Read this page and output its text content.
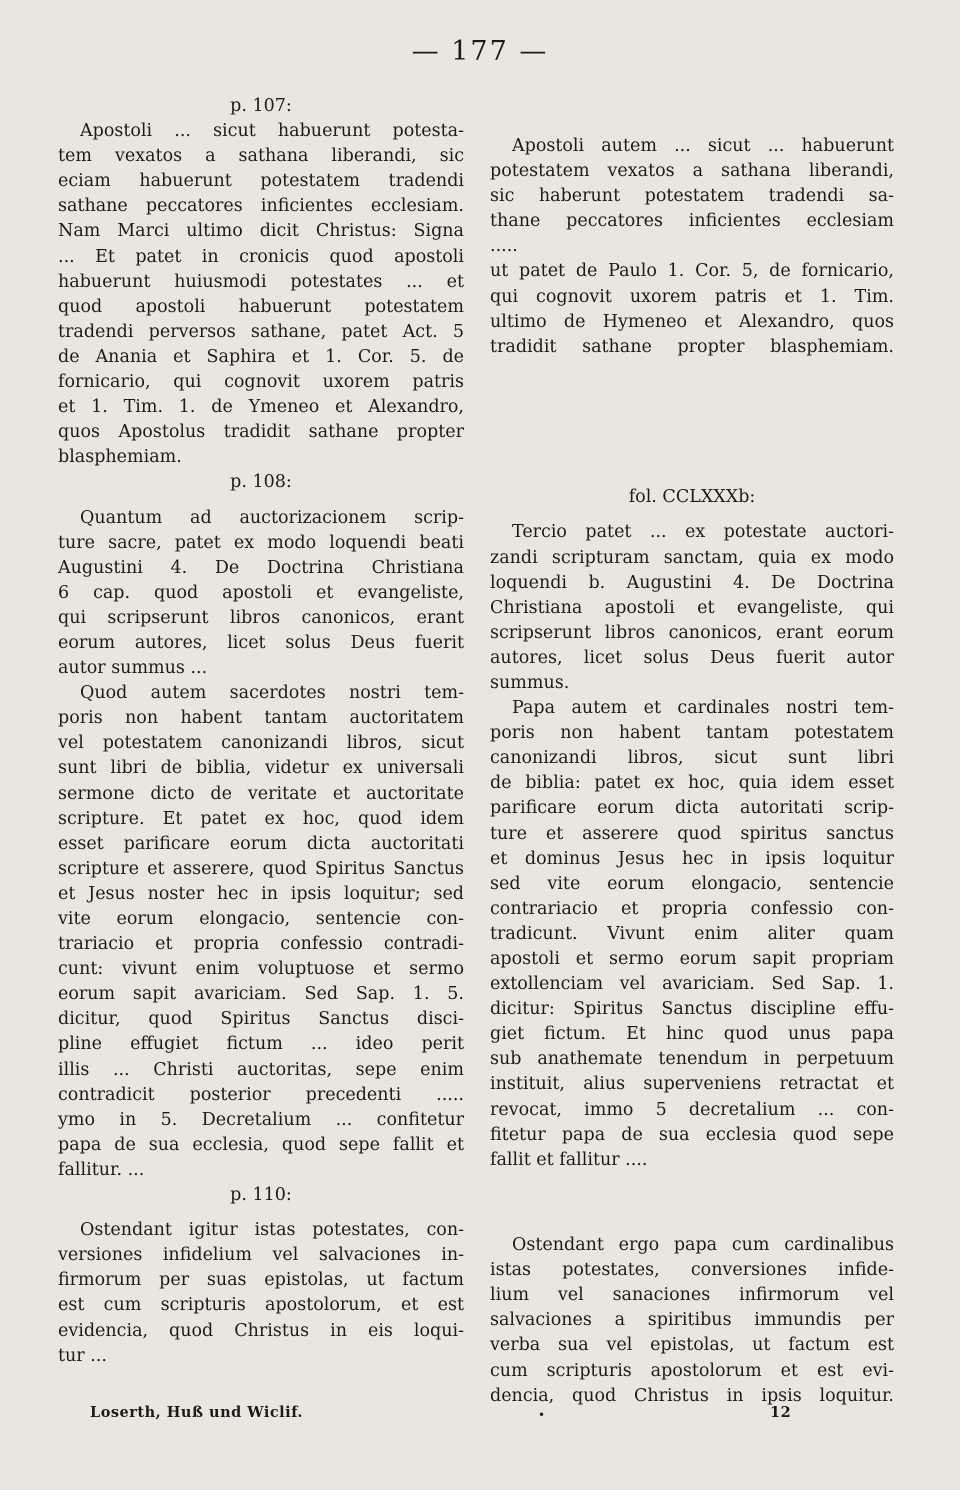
— 177 —
p. 107:
Apostoli ... sicut habuerunt potesta-
tem vexatos a sathana liberandi, sic
eciam habuerunt potestatem tradendi
sathane peccatores inficientes ecclesiam.
Nam Marci ultimo dicit Christus: Signa
... Et patet in cronicis quod apostoli
habuerunt huiusmodi potestates ... et
quod apostoli habuerunt potestatem
tradendi perversos sathane, patet Act. 5
de Anania et Saphira et 1. Cor. 5. de
fornicario, qui cognovit uxorem patris
et 1. Tim. 1. de Ymeneo et Alexandro,
quos Apostolus tradidit sathane propter
blasphemiam.
p. 108:
Quantum ad auctorizacionem scrip-
ture sacre, patet ex modo loquendi beati
Augustini 4. De Doctrina Christiana
6 cap. quod apostoli et evangeliste,
qui scripserunt libros canonicos, erant
eorum autores, licet solus Deus fuerit
autor summus ...
Quod autem sacerdotes nostri tem-
poris non habent tantam auctoritatem
vel potestatem canonizandi libros, sicut
sunt libri de biblia, videtur ex universali
sermone dicto de veritate et auctoritate
scripture. Et patet ex hoc, quod idem
esset parificare eorum dicta auctoritati
scripture et asserere, quod Spiritus Sanctus
et Jesus noster hec in ipsis loquitur; sed
vite eorum elongacio, sentencie con-
trariacio et propria confessio contradi-
cunt: vivunt enim voluptuose et sermo
eorum sapit avariciam. Sed Sap. 1. 5.
dicitur, quod Spiritus Sanctus disci-
pline effugiet fictum ... ideo perit
illis ... Christi auctoritas, sepe enim
contradicit posterior precedenti .....
ymo in 5. Decretalium ... confitetur
papa de sua ecclesia, quod sepe fallit et
fallitur. ...
p. 110:
Ostendant igitur istas potestates, con-
versiones infidelium vel salvaciones in-
firmorum per suas epistolas, ut factum
est cum scripturis apostolorum, et est
evidencia, quod Christus in eis loqui-
tur ...
Apostoli autem ... sicut ... habuerunt
potestatem vexatos a sathana liberandi,
sic haberunt potestatem tradendi sa-
thane peccatores inficientes ecclesiam
.....
ut patet de Paulo 1. Cor. 5, de fornicario,
qui cognovit uxorem patris et 1. Tim.
ultimo de Hymeneo et Alexandro, quos
tradidit sathane propter blasphemiam.
fol. CCLXXXb:
Tercio patet ... ex potestate auctori-
zandi scripturam sanctam, quia ex modo
loquendi b. Augustini 4. De Doctrina
Christiana apostoli et evangeliste, qui
scripserunt libros canonicos, erant eorum
autores, licet solus Deus fuerit autor
summus.
Papa autem et cardinales nostri tem-
poris non habent tantam potestatem
canonizandi libros, sicut sunt libri
de biblia: patet ex hoc, quia idem esset
parificare eorum dicta autoritati scrip-
ture et asserere quod spiritus sanctus
et dominus Jesus hec in ipsis loquitur
sed vite eorum elongacio, sentencie
contrariacio et propria confessio con-
tradicunt. Vivunt enim aliter quam
apostoli et sermo eorum sapit propriam
extollenciam vel avariciam. Sed Sap. 1.
dicitur: Spiritus Sanctus discipline effu-
giet fictum. Et hinc quod unus papa
sub anathemate tenendum in perpetuum
instituit, alius superveniens retractat et
revocat, immo 5 decretalium ... con-
fitetur papa de sua ecclesia quod sepe
fallit et fallitur ....
Ostendant ergo papa cum cardinalibus
istas potestates, conversiones infide-
lium vel sanaciones infirmorum vel
salvaciones a spiritibus immundis per
verba sua vel epistolas, ut factum est
cum scripturis apostolorum et est evi-
dencia, quod Christus in ipsis loquitur.
Loserth, Huß und Wiclif.	•	12
